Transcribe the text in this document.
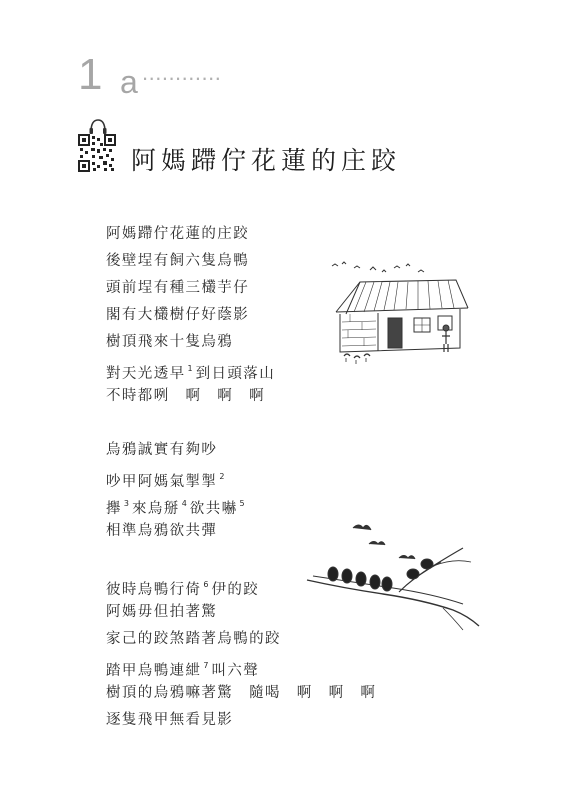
1 a ............
阿媽蹛佇花蓮的庄跤
阿媽蹛佇花蓮的庄跤
後壁埕有飼六隻烏鴨
頭前埕有種三欉芋仔
閣有大欉樹仔好蔭影
樹頂飛來十隻烏鴉
對天光透早 $^1$ 到日頭落山
不時都咧　啊　啊　啊
烏鴉誠實有夠吵
吵甲阿媽氣掣掣 $^2$
攑 $^3$ 來烏掰 $^4$ 欲共嚇 $^5$
相準烏鴉欲共彈
彼時烏鴨行倚 $^6$ 伊的跤
阿媽毋但拍著驚
家己的跤煞踏著烏鴨的跤
踏甲烏鴨連紲 $^7$ 叫六聲
樹頂的烏鴉嘛著驚　隨喝　啊　啊　啊
逐隻飛甲無看見影
